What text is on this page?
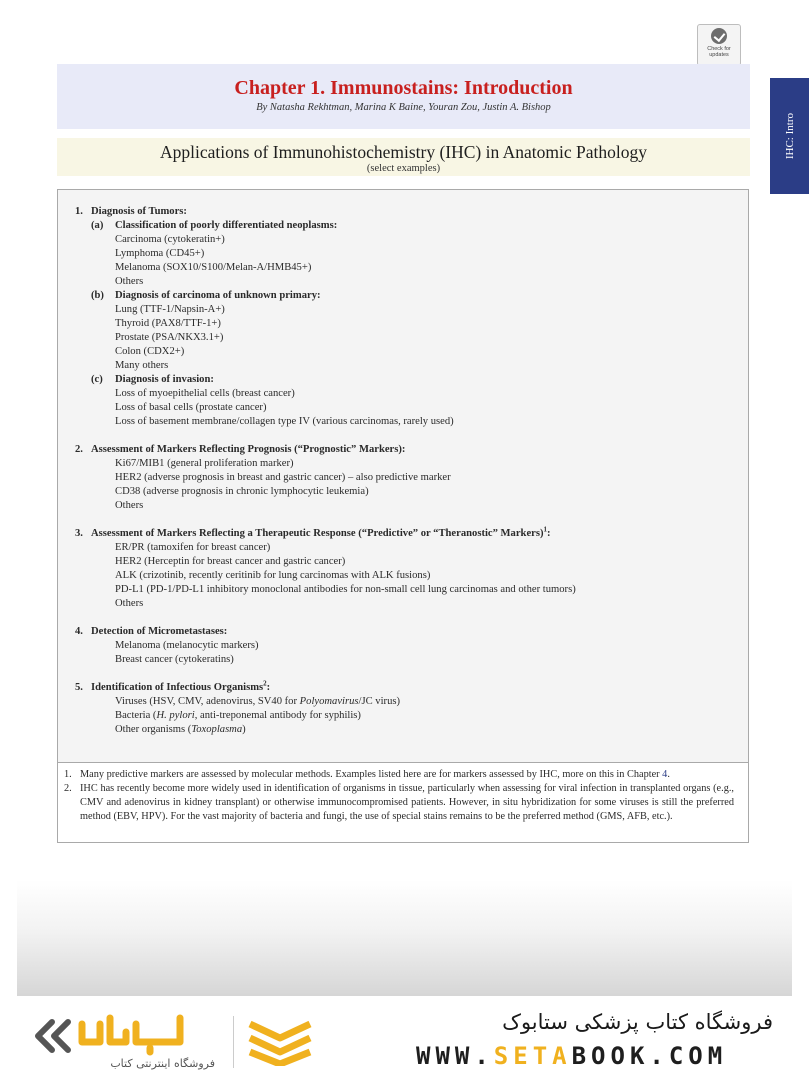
Check for
updates
IHC: Intro
Chapter 1. Immunostains: Introduction
By Natasha Rekhtman, Marina K Baine, Youran Zou, Justin A. Bishop
Applications of Immunohistochemistry (IHC) in Anatomic Pathology
(select examples)
1. Diagnosis of Tumors:
(a) Classification of poorly differentiated neoplasms:
Carcinoma (cytokeratin+)
Lymphoma (CD45+)
Melanoma (SOX10/S100/Melan-A/HMB45+)
Others
(b) Diagnosis of carcinoma of unknown primary:
Lung (TTF-1/Napsin-A+)
Thyroid (PAX8/TTF-1+)
Prostate (PSA/NKX3.1+)
Colon (CDX2+)
Many others
(c) Diagnosis of invasion:
Loss of myoepithelial cells (breast cancer)
Loss of basal cells (prostate cancer)
Loss of basement membrane/collagen type IV (various carcinomas, rarely used)
2. Assessment of Markers Reflecting Prognosis (“Prognostic” Markers):
Ki67/MIB1 (general proliferation marker)
HER2 (adverse prognosis in breast and gastric cancer) – also predictive marker
CD38 (adverse prognosis in chronic lymphocytic leukemia)
Others
3. Assessment of Markers Reflecting a Therapeutic Response (“Predictive” or “Theranostic” Markers)$^1$:
ER/PR (tamoxifen for breast cancer)
HER2 (Herceptin for breast cancer and gastric cancer)
ALK (crizotinib, recently ceritinib for lung carcinomas with ALK fusions)
PD-L1 (PD-1/PD-L1 inhibitory monoclonal antibodies for non-small cell lung carcinomas and other tumors)
Others
4. Detection of Micrometastases:
Melanoma (melanocytic markers)
Breast cancer (cytokeratins)
5. Identification of Infectious Organisms$^2$:
Viruses (HSV, CMV, adenovirus, SV40 for Polyomavirus/JC virus)
Bacteria (H. pylori, anti-treponemal antibody for syphilis)
Other organisms (Toxoplasma)
1. Many predictive markers are assessed by molecular methods. Examples listed here are for markers assessed by IHC, more on this in Chapter 4.
2. IHC has recently become more widely used in identification of organisms in tissue, particularly when assessing for viral infection in transplanted organs (e.g., CMV and adenovirus in kidney transplant) or otherwise immunocompromised patients. However, in situ hybridization for some viruses is still the preferred method (EBV, HPV). For the vast majority of bacteria and fungi, the use of special stains remains to be the preferred method (GMS, AFB, etc.).
فروشگاه اینترنتی کتاب
فروشگاه کتاب پزشکی ستابوک
WWW.SETABOOK.COM
